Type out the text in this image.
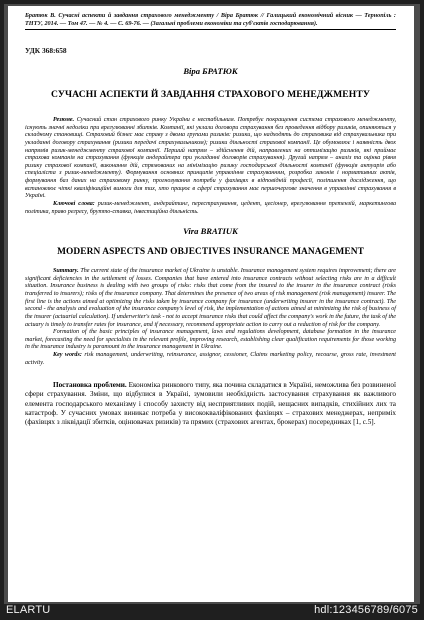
Братюк В. Сучасні аспекти й завдання страхового менеджменту / Віра Братюк // Галицький економічний вісник — Тернопіль : ТНТУ, 2014. — Том 47. — № 4. — С. 69-76. — (Загальні проблеми економіки та суб'єктів господарювання).
УДК 368:658
Віра БРАТЮК
СУЧАСНІ АСПЕКТИ Й ЗАВДАННЯ СТРАХОВОГО МЕНЕДЖМЕНТУ
Резюме. Сучасний стан страхового ринку України є нестабільним. Потребує покращення система страхового менеджменту, існують значні недоліки при врегулюванні збитків. Компанії, які уклали договори страхування без проведення відбору ризиків, опиняються у складному становищі. Страховий бізнес має справу з двома групами ризиків: ризики, що надходять до страховика від страхувальника при укладанні договору страхування (ризики передачі страхувальником); ризики діяльності страхової компанії. Це обумовлює і наявність двох напрямів ризик-менеджменту страхової компанії. Перший напрям – здійснення дій, направлених на оптимізацію ризиків, які приймає страхова компанія на страхування (функція андерайтера при укладанні договорів страхування). Другий напрям – аналіз та оцінка рівня ризику страхової компанії, виконання дій, спрямованих на мінімізацію ризику господарської діяльності компанії (функція актуарія або спеціаліста з ризик-менеджменту). Формування основних принципів управління страхуванням, розробка законів і нормативних актів, формування баз даних на страховому ринку, прогнозування потреби у фахівцях в відповідній професії, поліпшення дослідження, що встановлює чіткі кваліфікаційні вимоги для тих, хто працює в сфері страхування має першочергове значення в управлінні страхування в Україні.
Ключові слова: ризик-менеджмент, андерайтинг, перестрахування, цедент, цесіонер, врегулювання претензій, маркетингова політика, право регресу, брутто-ставка, інвестиційна діяльність.
Vira BRATIUK
MODERN ASPECTS AND OBJECTIVES INSURANCE MANAGEMENT
Summary. The current state of the insurance market of Ukraine is unstable. Insurance management system requires improvement; there are significant deficiencies in the settlement of losses. Companies that have entered into insurance contracts without selecting risks are in a difficult situation. Insurance business is dealing with two groups of risks: risks that come from the insured to the insurer in the insurance contract (risks transferred to insurers); risks of the insurance company. That determines the presence of two areas of risk management (risk management) insurer. The first line is the actions aimed at optimizing the risks taken by insurance company for insurance (underwriting insurer in the insurance contract). The second - the analysis and evaluation of the insurance company's level of risk, the implementation of actions aimed at minimizing the risk of business of the insurer (actuarial calculation). If underwriter's task - not to accept insurance risks that could affect the company's work in the future, the task of the actuary is timely to transfer rates for insurance, and if necessary, recommend appropriate action to carry out a reduction of risk for the company.
Formation of the basic principles of insurance management, laws and regulations development, database formation in the insurance market, forecasting the need for specialists in the relevant profile, improving research, establishing clear qualification requirements for those working in the insurance industry is paramount in the insurance management in Ukraine.
Key words: risk management, underwriting, reinsurance, assignor, cessioner, Claims marketing policy, recourse, gross rate, investment activity.
Постановка проблеми. Економіка ринкового типу, яка почина складатися в Україні, неможлива без розвиненої сфери страхування. Зміни, що відбулися в Україні, зумовили необхідність застосування страхування як важливого елемента господарського механізму і способу захисту від несприятливих подій, нещасних випадків, стихійних лих та катастроф. У сучасних умовах виникає потреба у висококваліфікованих фахівцях – страхових менеджерах, неприміх (фахівцях з ліквідації збитків, оцінювачах ризиків) та прямих (страхових агентах, брокерах) посередниках [1, с.5].
ELARTU	hdl:123456789/6075
